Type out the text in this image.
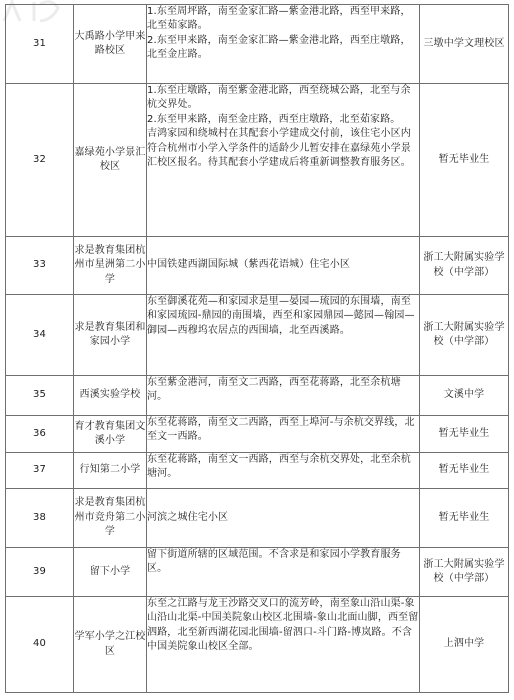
31	大禹路小学甲来路校区	1.东至周坪路，南至金家汇路—紫金港北路，西至甲来路，北至茹家路。
2.东至甲来路，南至金家汇路—紫金港北路，西至庄墩路，北至金庄路。	三墩中学文理校区
32	嘉绿苑小学景汇校区	1.东至庄墩路，南至紫金港北路，西至绕城公路，北至与余杭交界处。
2.东至甲来路，南至金庄路，西至庄墩路，北至茹家路。
吉鸿家园和绕城村在其配套小学建成交付前，该住宅小区内符合杭州市小学入学条件的适龄少儿暂安排在嘉绿苑小学景汇校区报名。待其配套小学建成后将重新调整教育服务区。	暂无毕业生
33	求是教育集团杭州市星洲第二小学	中国铁建西湖国际城（紫西花语城）住宅小区	浙工大附属实验学校（中学部）
34	求是教育集团和家园小学	东至御溪花苑—和家园求是里—晏园—琉园的东围墙，南至和家园琉园-鼎园的南围墙，西至和家园鼎园—懿园—翰园—御园—西穆坞农居点的西围墙，北至西溪路。	浙工大附属实验学校（中学部）
35	西溪实验学校	东至紫金港河，南至文二西路，西至花蒋路，北至余杭塘河。	文溪中学
36	育才教育集团文溪小学	东至花蒋路，南至文二西路，西至上埠河-与余杭交界线，北至文一西路。	暂无毕业生
37	行知第二小学	东至花蒋路，南至文一西路，西至与余杭交界处，北至余杭塘河。	暂无毕业生
38	求是教育集团杭州市竞舟第二小学	河滨之城住宅小区	暂无毕业生
39	留下小学	留下街道所辖的区域范围。不含求是和家园小学教育服务区。	浙工大附属实验学校（中学部）
40	学军小学之江校区	东至之江路与龙王沙路交叉口的流芳岭，南至象山沿山渠-象山沿山北渠-中国美院象山校区北围墙-象山北面山脚，西至留泗路，北至新西湖花园北围墙-留泗口-斗门路-博岚路。不含中国美院象山校区全部。	上泗中学
